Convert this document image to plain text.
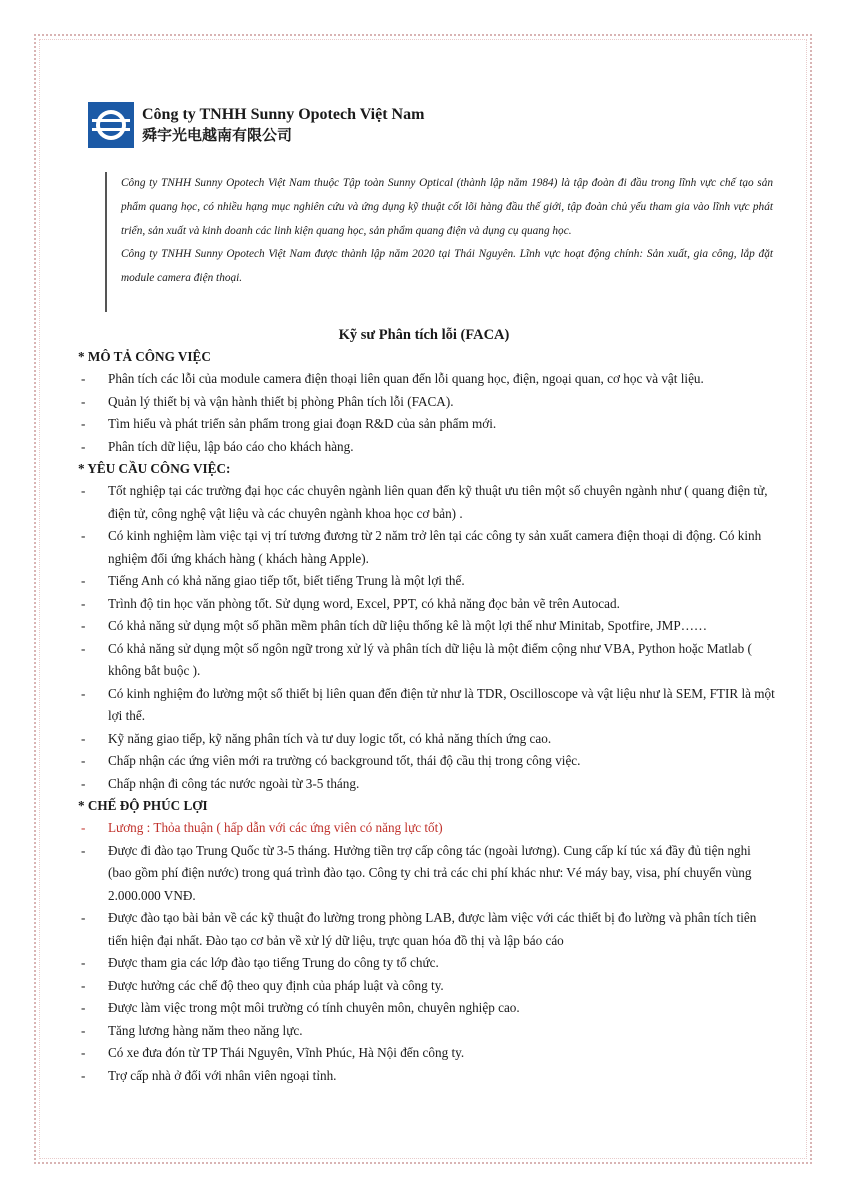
Công ty TNHH Sunny Opotech Việt Nam
舜宇光电越南有限公司

Công ty TNHH Sunny Opotech Việt Nam thuộc Tập toàn Sunny Optical (thành lập năm 1984) là tập đoàn đi đầu trong lĩnh vực chế tạo sản phẩm quang học, có nhiều hạng mục nghiên cứu và ứng dụng kỹ thuật cốt lõi hàng đầu thế giới, tập đoàn chủ yếu tham gia vào lĩnh vực phát triển, sản xuất và kinh doanh các linh kiện quang học, sản phẩm quang điện và dụng cụ quang học.

Công ty TNHH Sunny Opotech Việt Nam được thành lập năm 2020 tại Thái Nguyên. Lĩnh vực hoạt động chính: Sản xuất, gia công, lắp đặt module camera điện thoại.

Kỹ sư Phân tích lỗi (FACA)
* MÔ TẢ CÔNG VIỆC
- Phân tích các lỗi của module camera điện thoại liên quan đến lỗi quang học, điện, ngoại quan, cơ học và vật liệu.
- Quản lý thiết bị và vận hành thiết bị phòng Phân tích lỗi (FACA).
- Tìm hiểu và phát triển sản phẩm trong giai đoạn R&D của sản phẩm mới.
- Phân tích dữ liệu, lập báo cáo cho khách hàng.
* YÊU CẦU CÔNG VIỆC:
- Tốt nghiệp tại các trường đại học các chuyên ngành liên quan đến kỹ thuật ưu tiên một số chuyên ngành như ( quang điện tử, điện tử, công nghệ vật liệu và các chuyên ngành khoa học cơ bản) .
- Có kinh nghiệm làm việc tại vị trí tương đương từ 2 năm trở lên tại các công ty sản xuất camera điện thoại di động. Có kinh nghiệm đối ứng khách hàng ( khách hàng Apple).
- Tiếng Anh có khả năng giao tiếp tốt, biết tiếng Trung là một lợi thế.
- Trình độ tin học văn phòng tốt. Sử dụng word, Excel, PPT, có khả năng đọc bản vẽ trên Autocad.
- Có khả năng sử dụng một số phần mềm phân tích dữ liệu thống kê là một lợi thế như Minitab, Spotfire, JMP……
- Có khả năng sử dụng một số ngôn ngữ trong xử lý và phân tích dữ liệu là một điểm cộng như VBA, Python hoặc Matlab ( không bắt buộc ).
- Có kinh nghiệm đo lường một số thiết bị liên quan đến điện tử như là TDR, Oscilloscope và vật liệu như là SEM, FTIR là một lợi thế.
- Kỹ năng giao tiếp, kỹ năng phân tích và tư duy logic tốt, có khả năng thích ứng cao.
- Chấp nhận các ứng viên mới ra trường có background tốt, thái độ cầu thị trong công việc.
- Chấp nhận đi công tác nước ngoài từ 3-5 tháng.
* CHẾ ĐỘ PHÚC LỢI
- Lương : Thỏa thuận ( hấp dẫn với các ứng viên có năng lực tốt)
- Được đi đào tạo Trung Quốc từ 3-5 tháng. Hưởng tiền trợ cấp công tác (ngoài lương). Cung cấp kí túc xá đầy đủ tiện nghi (bao gồm phí điện nước) trong quá trình đào tạo. Công ty chi trả các chi phí khác như: Vé máy bay, visa, phí chuyển vùng 2.000.000 VNĐ.
- Được đào tạo bài bản về các kỹ thuật đo lường trong phòng LAB, được làm việc với các thiết bị đo lường và phân tích tiên tiến hiện đại nhất. Đào tạo cơ bản về xử lý dữ liệu, trực quan hóa đồ thị và lập báo cáo
- Được tham gia các lớp đào tạo tiếng Trung do công ty tổ chức.
- Được hưởng các chế độ theo quy định của pháp luật và công ty.
- Được làm việc trong một môi trường có tính chuyên môn, chuyên nghiệp cao.
- Tăng lương hàng năm theo năng lực.
- Có xe đưa đón từ TP Thái Nguyên, Vĩnh Phúc, Hà Nội đến công ty.
- Trợ cấp nhà ở đối với nhân viên ngoại tỉnh.
